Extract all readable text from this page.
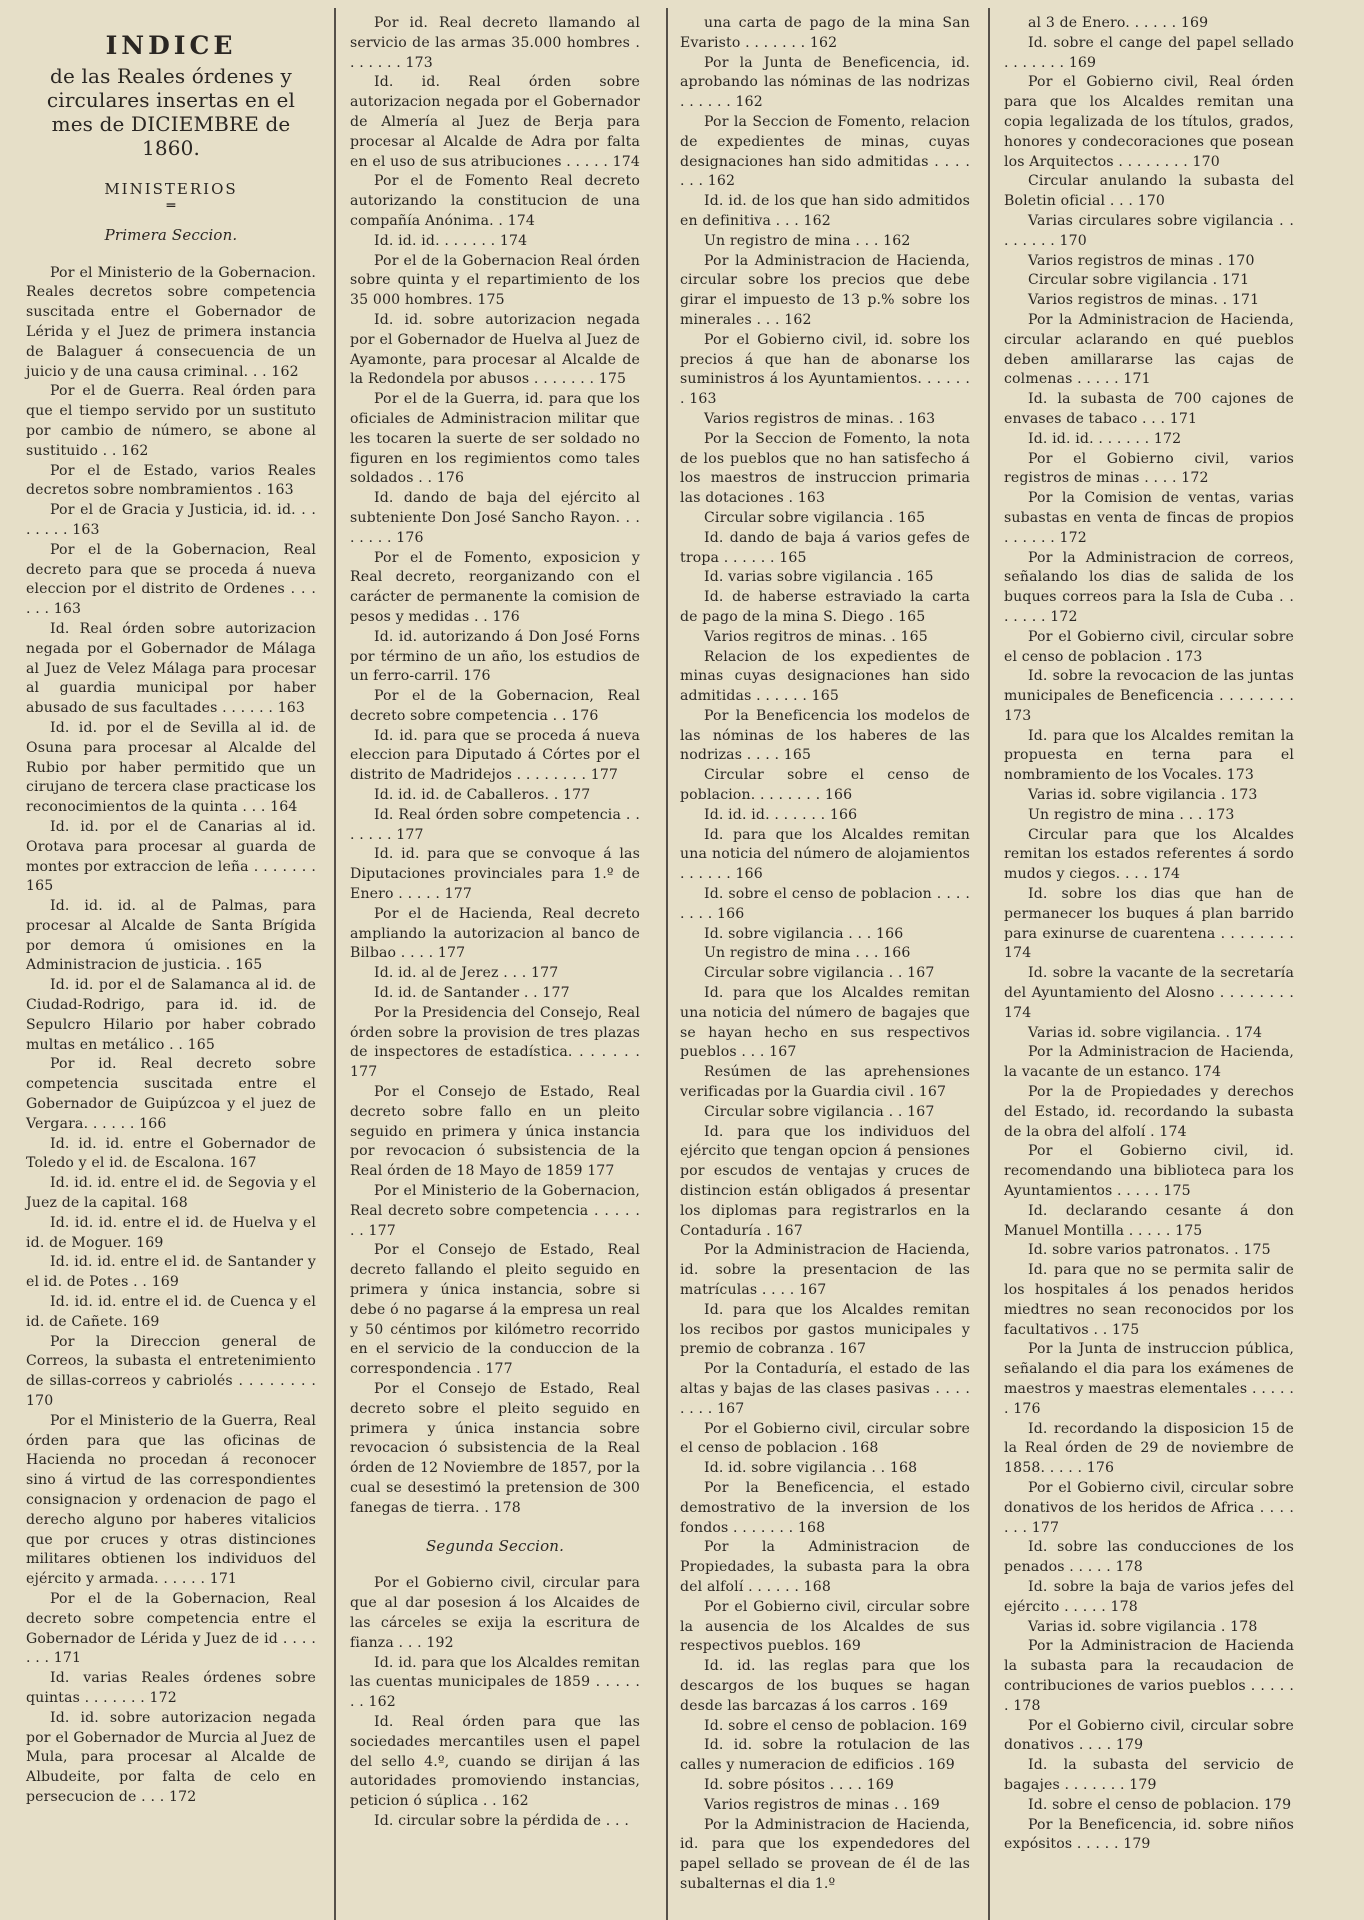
INDICE
de las Reales órdenes y circulares insertas en el mes de DICIEMBRE de 1860.
MINISTERIOS
═
Primera Seccion.

Por el Ministerio de la Gobernacion. Reales decretos sobre competencia suscitada entre el Gobernador de Lérida y el Juez de primera instancia de Balaguer á consecuencia de un juicio y de una causa criminal. . . 162

Por el de Guerra. Real órden para que el tiempo servido por un sustituto por cambio de número, se abone al sustituido . . 162

Por el de Estado, varios Reales decretos sobre nombramientos . 163

Por el de Gracia y Justicia, id. id. . . . . . . . 163

Por el de la Gobernacion, Real decreto para que se proceda á nueva eleccion por el distrito de Ordenes . . . . . . 163

Id. Real órden sobre autorizacion negada por el Gobernador de Málaga al Juez de Velez Málaga para procesar al guardia municipal por haber abusado de sus facultades . . . . . . 163

Id. id. por el de Sevilla al id. de Osuna para procesar al Alcalde del Rubio por haber permitido que un cirujano de tercera clase practicase los reconocimientos de la quinta . . . 164

Id. id. por el de Canarias al id. Orotava para procesar al guarda de montes por extraccion de leña . . . . . . . 165

Id. id. id. al de Palmas, para procesar al Alcalde de Santa Brígida por demora ú omisiones en la Administracion de justicia. . 165

Id. id. por el de Salamanca al id. de Ciudad-Rodrigo, para id. id. de Sepulcro Hilario por haber cobrado multas en metálico . . 165

Por id. Real decreto sobre competencia suscitada entre el Gobernador de Guipúzcoa y el juez de Vergara. . . . . . 166

Id. id. id. entre el Gobernador de Toledo y el id. de Escalona. 167

Id. id. id. entre el id. de Segovia y el Juez de la capital. 168

Id. id. id. entre el id. de Huelva y el id. de Moguer. 169

Id. id. id. entre el id. de Santander y el id. de Potes . . 169

Id. id. id. entre el id. de Cuenca y el id. de Cañete. 169

Por la Direccion general de Correos, la subasta el entretenimiento de sillas-correos y cabriolés . . . . . . . . 170

Por el Ministerio de la Guerra, Real órden para que las oficinas de Hacienda no procedan á reconocer sino á virtud de las correspondientes consignacion y ordenacion de pago el derecho alguno por haberes vitalicios que por cruces y otras distinciones militares obtienen los individuos del ejército y armada. . . . . . 171

Por el de la Gobernacion, Real decreto sobre competencia entre el Gobernador de Lérida y Juez de id . . . . . . . 171

Id. varias Reales órdenes sobre quintas . . . . . . . 172

Id. id. sobre autorizacion negada por el Gobernador de Murcia al Juez de Mula, para procesar al Alcalde de Albudeite, por falta de celo en persecucion de . . . 172

Por id. Real decreto llamando al servicio de las armas 35.000 hombres . . . . . . . 173

Id. id. Real órden sobre autorizacion negada por el Gobernador de Almería al Juez de Berja para procesar al Alcalde de Adra por falta en el uso de sus atribuciones . . . . . 174

Por el de Fomento Real decreto autorizando la constitucion de una compañía Anónima. . 174

Id. id. id. . . . . . . 174

Por el de la Gobernacion Real órden sobre quinta y el repartimiento de los 35 000 hombres. 175

Id. id. sobre autorizacion negada por el Gobernador de Huelva al Juez de Ayamonte, para procesar al Alcalde de la Redondela por abusos . . . . . . . 175

Por el de la Guerra, id. para que los oficiales de Administracion militar que les tocaren la suerte de ser soldado no figuren en los regimientos como tales soldados . . 176

Id. dando de baja del ejército al subteniente Don José Sancho Rayon. . . . . . . . 176

Por el de Fomento, exposicion y Real decreto, reorganizando con el carácter de permanente la comision de pesos y medidas . . 176

Id. id. autorizando á Don José Forns por término de un año, los estudios de un ferro-carril. 176

Por el de la Gobernacion, Real decreto sobre competencia . . 176

Id. id. para que se proceda á nueva eleccion para Diputado á Córtes por el distrito de Madridejos . . . . . . . . 177

Id. id. id. de Caballeros. . 177

Id. Real órden sobre competencia . . . . . . . 177

Id. id. para que se convoque á las Diputaciones provinciales para 1.º de Enero . . . . . 177

Por el de Hacienda, Real decreto ampliando la autorizacion al banco de Bilbao . . . . 177

Id. id. al de Jerez . . . 177

Id. id. de Santander . . 177

Por la Presidencia del Consejo, Real órden sobre la provision de tres plazas de inspectores de estadística. . . . . . . 177

Por el Consejo de Estado, Real decreto sobre fallo en un pleito seguido en primera y única instancia por revocacion ó subsistencia de la Real órden de 18 Mayo de 1859 177

Por el Ministerio de la Gobernacion, Real decreto sobre competencia . . . . . . . 177

Por el Consejo de Estado, Real decreto fallando el pleito seguido en primera y única instancia, sobre si debe ó no pagarse á la empresa un real y 50 céntimos por kilómetro recorrido en el servicio de la conduccion de la correspondencia . 177

Por el Consejo de Estado, Real decreto sobre el pleito seguido en primera y única instancia sobre revocacion ó subsistencia de la Real órden de 12 Noviembre de 1857, por la cual se desestimó la pretension de 300 fanegas de tierra. . 178

Segunda Seccion.

Por el Gobierno civil, circular para que al dar posesion á los Alcaides de las cárceles se exija la escritura de fianza . . . 192

Id. id. para que los Alcaldes remitan las cuentas municipales de 1859 . . . . . . . 162

Id. Real órden para que las sociedades mercantiles usen el papel del sello 4.º, cuando se dirijan á las autoridades promoviendo instancias, peticion ó súplica . . 162

Id. circular sobre la pérdida de . . .

una carta de pago de la mina San Evaristo . . . . . . . 162

Por la Junta de Beneficencia, id. aprobando las nóminas de las nodrizas . . . . . . 162

Por la Seccion de Fomento, relacion de expedientes de minas, cuyas designaciones han sido admitidas . . . . . . . 162

Id. id. de los que han sido admitidos en definitiva . . . 162

Un registro de mina . . . 162

Por la Administracion de Hacienda, circular sobre los precios que debe girar el impuesto de 13 p.% sobre los minerales . . . 162

Por el Gobierno civil, id. sobre los precios á que han de abonarse los suministros á los Ayuntamientos. . . . . . . 163

Varios registros de minas. . 163

Por la Seccion de Fomento, la nota de los pueblos que no han satisfecho á los maestros de instruccion primaria las dotaciones . 163

Circular sobre vigilancia . 165

Id. dando de baja á varios gefes de tropa . . . . . . 165

Id. varias sobre vigilancia . 165

Id. de haberse estraviado la carta de pago de la mina S. Diego . 165

Varios regitros de minas. . 165

Relacion de los expedientes de minas cuyas designaciones han sido admitidas . . . . . . 165

Por la Beneficencia los modelos de las nóminas de los haberes de las nodrizas . . . . 165

Circular sobre el censo de poblacion. . . . . . . . 166

Id. id. id. . . . . . . 166

Id. para que los Alcaldes remitan una noticia del número de alojamientos . . . . . . 166

Id. sobre el censo de poblacion . . . . . . . . 166

Id. sobre vigilancia . . . 166

Un registro de mina . . . 166

Circular sobre vigilancia . . 167

Id. para que los Alcaldes remitan una noticia del número de bagajes que se hayan hecho en sus respectivos pueblos . . . 167

Resúmen de las aprehensiones verificadas por la Guardia civil . 167

Circular sobre vigilancia . . 167

Id. para que los individuos del ejército que tengan opcion á pensiones por escudos de ventajas y cruces de distincion están obligados á presentar los diplomas para registrarlos en la Contaduría . 167

Por la Administracion de Hacienda, id. sobre la presentacion de las matrículas . . . . 167

Id. para que los Alcaldes remitan los recibos por gastos municipales y premio de cobranza . 167

Por la Contaduría, el estado de las altas y bajas de las clases pasivas . . . . . . . . 167

Por el Gobierno civil, circular sobre el censo de poblacion . 168

Id. id. sobre vigilancia . . 168

Por la Beneficencia, el estado demostrativo de la inversion de los fondos . . . . . . . 168

Por la Administracion de Propiedades, la subasta para la obra del alfolí . . . . . . 168

Por el Gobierno civil, circular sobre la ausencia de los Alcaldes de sus respectivos pueblos. 169

Id. id. las reglas para que los descargos de los buques se hagan desde las barcazas á los carros . 169

Id. sobre el censo de poblacion. 169

Id. id. sobre la rotulacion de las calles y numeracion de edificios . 169

Id. sobre pósitos . . . . 169

Varios registros de minas . . 169

Por la Administracion de Hacienda, id. para que los expendedores del papel sellado se provean de él de las subalternas el dia 1.º

al 3 de Enero. . . . . . 169

Id. sobre el cange del papel sellado . . . . . . . 169

Por el Gobierno civil, Real órden para que los Alcaldes remitan una copia legalizada de los títulos, grados, honores y condecoraciones que posean los Arquitectos . . . . . . . . 170

Circular anulando la subasta del Boletin oficial . . . 170

Varias circulares sobre vigilancia . . . . . . . . 170

Varios registros de minas . 170

Circular sobre vigilancia . 171

Varios registros de minas. . 171

Por la Administracion de Hacienda, circular aclarando en qué pueblos deben amillararse las cajas de colmenas . . . . . 171

Id. la subasta de 700 cajones de envases de tabaco . . . 171

Id. id. id. . . . . . . 172

Por el Gobierno civil, varios registros de minas . . . . 172

Por la Comision de ventas, varias subastas en venta de fincas de propios . . . . . . 172

Por la Administracion de correos, señalando los dias de salida de los buques correos para la Isla de Cuba . . . . . . . 172

Por el Gobierno civil, circular sobre el censo de poblacion . 173

Id. sobre la revocacion de las juntas municipales de Beneficencia . . . . . . . . 173

Id. para que los Alcaldes remitan la propuesta en terna para el nombramiento de los Vocales. 173

Varias id. sobre vigilancia . 173

Un registro de mina . . . 173

Circular para que los Alcaldes remitan los estados referentes á sordo mudos y ciegos. . . . 174

Id. sobre los dias que han de permanecer los buques á plan barrido para exinurse de cuarentena . . . . . . . . 174

Id. sobre la vacante de la secretaría del Ayuntamiento del Alosno . . . . . . . . 174

Varias id. sobre vigilancia. . 174

Por la Administracion de Hacienda, la vacante de un estanco. 174

Por la de Propiedades y derechos del Estado, id. recordando la subasta de la obra del alfolí . 174

Por el Gobierno civil, id. recomendando una biblioteca para los Ayuntamientos . . . . . 175

Id. declarando cesante á don Manuel Montilla . . . . . 175

Id. sobre varios patronatos. . 175

Id. para que no se permita salir de los hospitales á los penados heridos miedtres no sean reconocidos por los facultativos . . 175

Por la Junta de instruccion pública, señalando el dia para los exámenes de maestros y maestras elementales . . . . . . 176

Id. recordando la disposicion 15 de la Real órden de 29 de noviembre de 1858. . . . . 176

Por el Gobierno civil, circular sobre donativos de los heridos de Africa . . . . . . . 177

Id. sobre las conducciones de los penados . . . . . 178

Id. sobre la baja de varios jefes del ejército . . . . . 178

Varias id. sobre vigilancia . 178

Por la Administracion de Hacienda la subasta para la recaudacion de contribuciones de varios pueblos . . . . . . 178

Por el Gobierno civil, circular sobre donativos . . . . 179

Id. la subasta del servicio de bagajes . . . . . . . 179

Id. sobre el censo de poblacion. 179

Por la Beneficencia, id. sobre niños expósitos . . . . . 179
